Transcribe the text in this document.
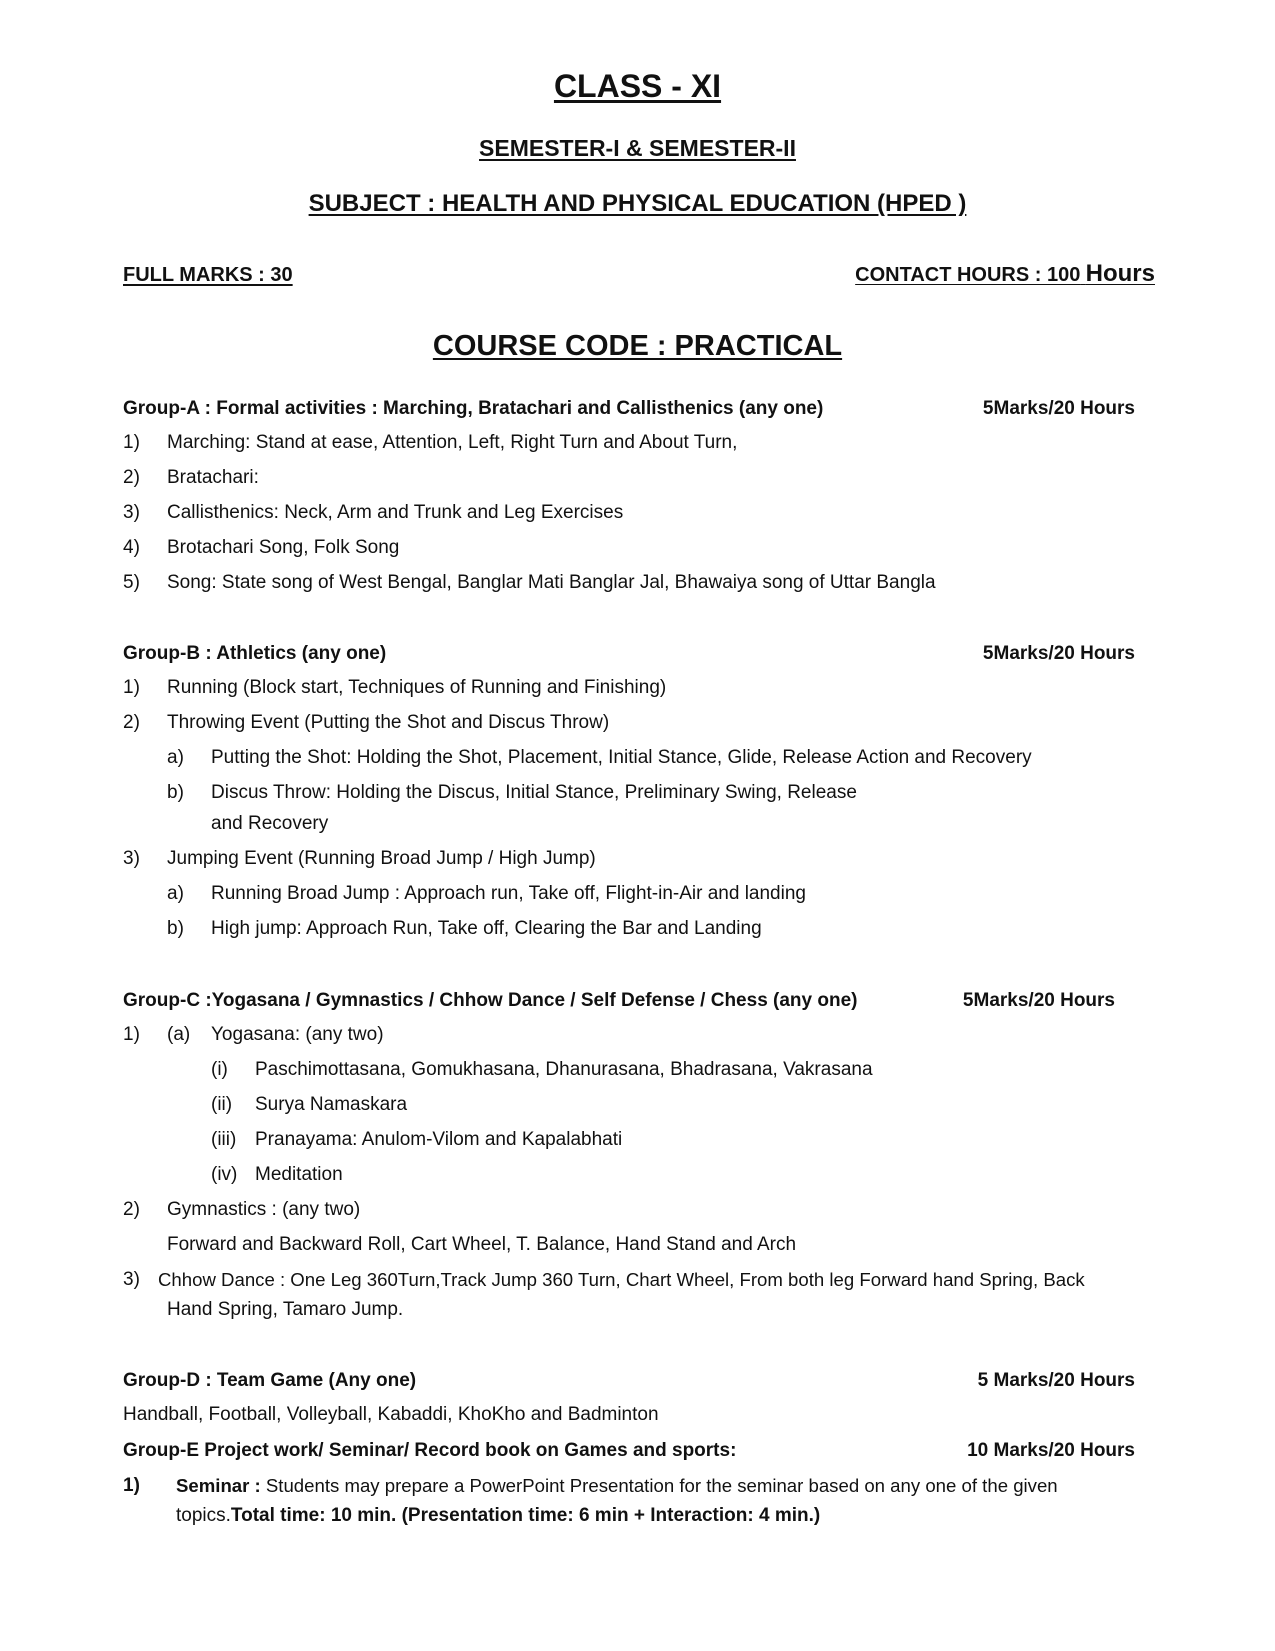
CLASS - XI
SEMESTER-I & SEMESTER-II
SUBJECT : HEALTH AND PHYSICAL EDUCATION (HPED )
FULL MARKS : 30	CONTACT HOURS : 100 Hours
COURSE CODE : PRACTICAL
Group-A : Formal activities : Marching, Bratachari and Callisthenics (any one)	5Marks/20 Hours
1) Marching: Stand at ease, Attention, Left, Right Turn and About Turn,
2) Bratachari:
3) Callisthenics: Neck, Arm and Trunk and Leg Exercises
4) Brotachari Song, Folk Song
5) Song: State song of West Bengal, Banglar Mati Banglar Jal, Bhawaiya song of Uttar Bangla
Group-B : Athletics (any one)	5Marks/20 Hours
1) Running (Block start, Techniques of Running and Finishing)
2) Throwing Event (Putting the Shot and Discus Throw)
a) Putting the Shot: Holding the Shot, Placement, Initial Stance, Glide, Release Action and Recovery
b) Discus Throw: Holding the Discus, Initial Stance, Preliminary Swing, Release
and Recovery
3) Jumping Event (Running Broad Jump / High Jump)
a) Running Broad Jump : Approach run, Take off, Flight-in-Air and landing
b) High jump: Approach Run, Take off, Clearing the Bar and Landing
Group-C :Yogasana / Gymnastics / Chhow Dance / Self Defense / Chess (any one)	5Marks/20 Hours
1) (a) Yogasana: (any two)
(i) Paschimottasana, Gomukhasana, Dhanurasana, Bhadrasana, Vakrasana
(ii) Surya Namaskara
(iii) Pranayama: Anulom-Vilom and Kapalabhati
(iv) Meditation
2) Gymnastics : (any two)
Forward and Backward Roll, Cart Wheel, T. Balance, Hand Stand and Arch
3) Chhow Dance : One Leg 360Turn,Track Jump 360 Turn, Chart Wheel, From both leg Forward hand Spring, Back
Hand Spring, Tamaro Jump.
Group-D : Team Game (Any one)	5 Marks/20 Hours
Handball, Football, Volleyball, Kabaddi, KhoKho and Badminton
Group-E Project work/ Seminar/ Record book on Games and sports:	10 Marks/20 Hours
1) Seminar : Students may prepare a PowerPoint Presentation for the seminar based on any one of the given
topics.Total time: 10 min. (Presentation time: 6 min + Interaction: 4 min.)
